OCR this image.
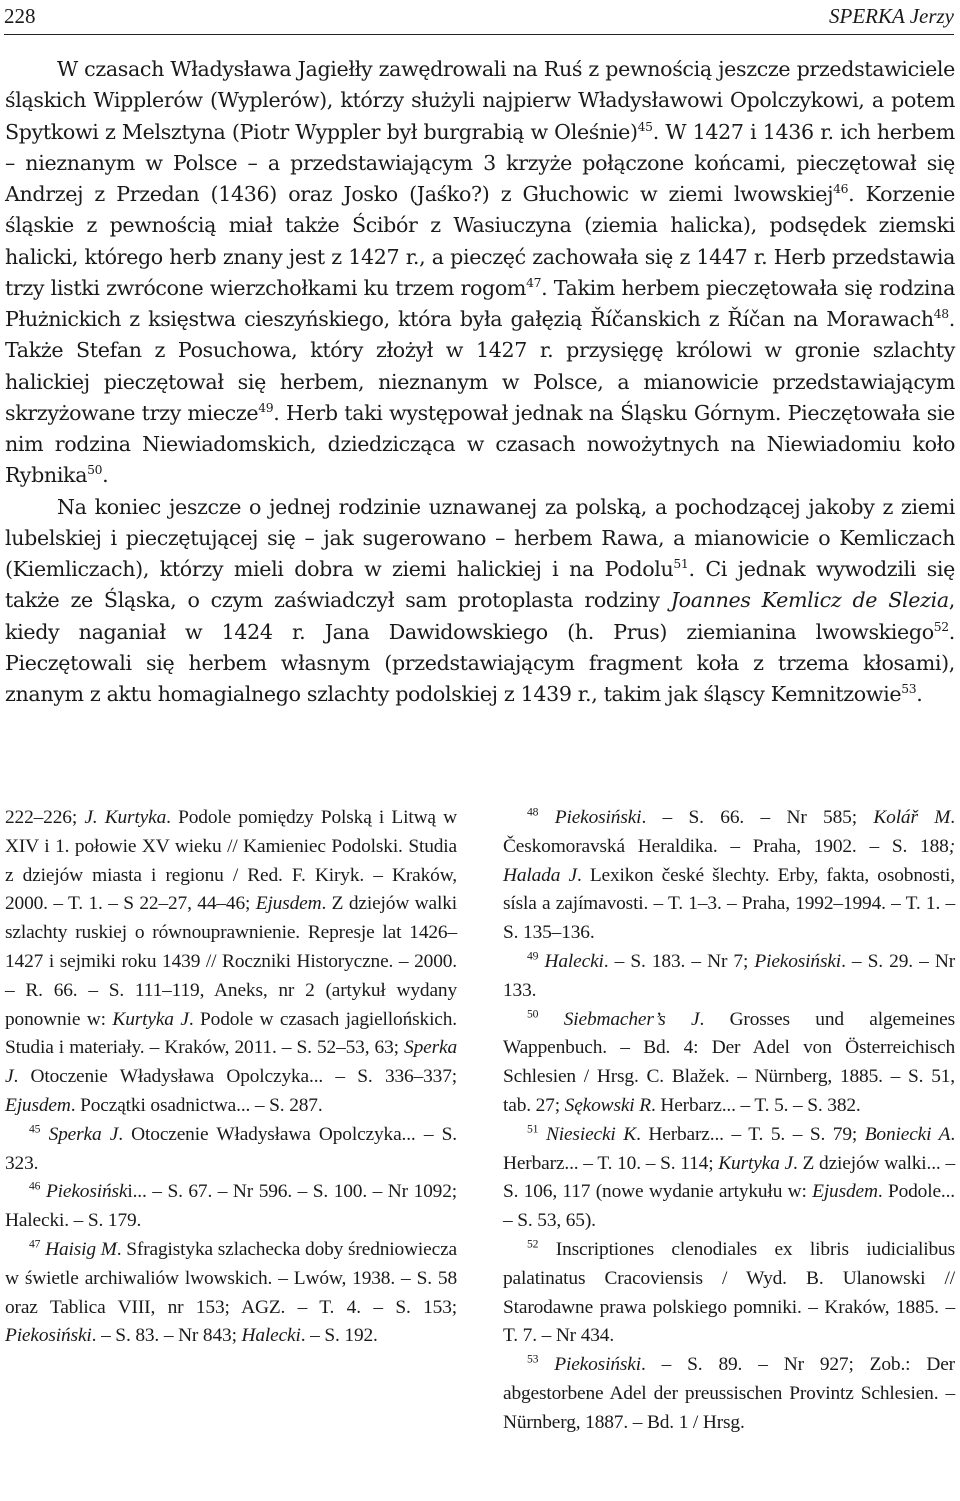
228	SPERKA Jerzy

W czasach Władysława Jagiełły zawędrowali na Ruś z pewnością jeszcze przedstawiciele śląskich Wipplerów (Wyplerów), którzy służyli najpierw Władysławowi Opolczykowi, a potem Spytkowi z Melsztyna (Piotr Wyppler był burgrabią w Oleśnie)$^{45}$. W 1427 i 1436 r. ich herbem – nieznanym w Polsce – a przedstawiającym 3 krzyże połączone końcami, pieczętował się Andrzej z Przedan (1436) oraz Josko (Jaśko?) z Głuchowic w ziemi lwowskiej$^{46}$. Korzenie śląskie z pewnością miał także Ścibór z Wasiuczyna (ziemia halicka), podsędek ziemski halicki, którego herb znany jest z 1427 r., a pieczęć zachowała się z 1447 r. Herb przedstawia trzy listki zwrócone wierzchołkami ku trzem rogom$^{47}$. Takim herbem pieczętowała się rodzina Płużnickich z księstwa cieszyńskiego, która była gałęzią Říčanskich z Říčan na Morawach$^{48}$. Także Stefan z Posuchowa, który złożył w 1427 r. przysięgę królowi w gronie szlachty halickiej pieczętował się herbem, nieznanym w Polsce, a mianowicie przedstawiającym skrzyżowane trzy miecze$^{49}$. Herb taki występował jednak na Śląsku Górnym. Pieczętowała sie nim rodzina Niewiadomskich, dziedzicząca w czasach nowożytnych na Niewiadomiu koło Rybnika$^{50}$.

Na koniec jeszcze o jednej rodzinie uznawanej za polską, a pochodzącej jakoby z ziemi lubelskiej i pieczętującej się – jak sugerowano – herbem Rawa, a mianowicie o Kemliczach (Kiemliczach), którzy mieli dobra w ziemi halickiej i na Podolu$^{51}$. Ci jednak wywodzili się także ze Śląska, o czym zaświadczył sam protoplasta rodziny Joannes Kemlicz de Slezia, kiedy naganiał w 1424 r. Jana Dawidowskiego (h. Prus) ziemianina lwowskiego$^{52}$. Pieczętowali się herbem własnym (przedstawiającym fragment koła z trzema kłosami), znanym z aktu homagialnego szlachty podolskiej z 1439 r., takim jak śląscy Kemnitzowie$^{53}$.

222–226; J. Kurtyka. Podole pomiędzy Polską i Litwą w XIV i 1. połowie XV wieku // Kamieniec Podolski. Studia z dziejów miasta i regionu / Red. F. Kiryk. – Kraków, 2000. – T. 1. – S 22–27, 44–46; Ejusdem. Z dziejów walki szlachty ruskiej o równouprawnienie. Represje lat 1426–1427 i sejmiki roku 1439 // Roczniki Historyczne. – 2000. – R. 66. – S. 111–119, Aneks, nr 2 (artykuł wydany ponownie w: Kurtyka J. Podole w czasach jagiellońskich. Studia i materiały. – Kraków, 2011. – S. 52–53, 63; Sperka J. Otoczenie Władysława Opolczyka... – S. 336–337; Ejusdem. Początki osadnictwa... – S. 287.

$^{45}$ Sperka J. Otoczenie Władysława Opolczyka... – S. 323.

$^{46}$ Piekosiński... – S. 67. – Nr 596. – S. 100. – Nr 1092; Halecki. – S. 179.

$^{47}$ Haisig M. Sfragistyka szlachecka doby średniowiecza w świetle archiwaliów lwowskich. – Lwów, 1938. – S. 58 oraz Tablica VIII, nr 153; AGZ. – T. 4. – S. 153; Piekosiński. – S. 83. – Nr 843; Halecki. – S. 192.

$^{48}$ Piekosiński. – S. 66. – Nr 585; Kolář M. Českomoravská Heraldika. – Praha, 1902. – S. 188; Halada J. Lexikon české šlechty. Erby, fakta, osobnosti, sísla a zajímavosti. – T. 1–3. – Praha, 1992–1994. – T. 1. – S. 135–136.

$^{49}$ Halecki. – S. 183. – Nr 7; Piekosiński. – S. 29. – Nr 133.

$^{50}$ Siebmacher’s J. Grosses und algemeines Wappenbuch. – Bd. 4: Der Adel von Österreichisch Schlesien / Hrsg. C. Blažek. – Nürnberg, 1885. – S. 51, tab. 27; Sękowski R. Herbarz... – T. 5. – S. 382.

$^{51}$ Niesiecki K. Herbarz... – T. 5. – S. 79; Boniecki A. Herbarz... – T. 10. – S. 114; Kurtyka J. Z dziejów walki... – S. 106, 117 (nowe wydanie artykułu w: Ejusdem. Podole... – S. 53, 65).

$^{52}$ Inscriptiones clenodiales ex libris iudicialibus palatinatus Cracoviensis / Wyd. B. Ulanowski // Starodawne prawa polskiego pomniki. – Kraków, 1885. – T. 7. – Nr 434.

$^{53}$ Piekosiński. – S. 89. – Nr 927; Zob.: Der abgestorbene Adel der preussischen Provintz Schlesien. – Nürnberg, 1887. – Bd. 1 / Hrsg.
